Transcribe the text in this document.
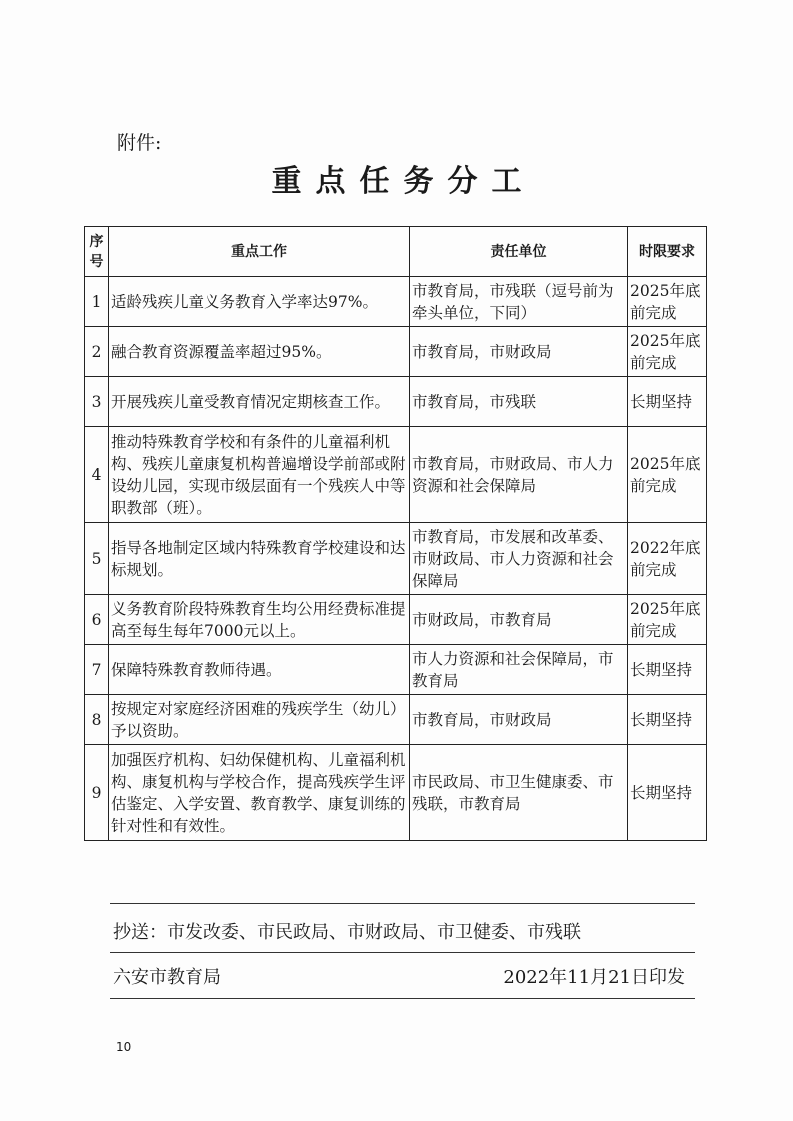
附件:
重点任务分工
序号	重点工作	责任单位	时限要求
1	适龄残疾儿童义务教育入学率达97%。	市教育局，市残联（逗号前为牵头单位，下同）	2025年底前完成
2	融合教育资源覆盖率超过95%。	市教育局，市财政局	2025年底前完成
3	开展残疾儿童受教育情况定期核查工作。	市教育局，市残联	长期坚持
4	推动特殊教育学校和有条件的儿童福利机构、残疾儿童康复机构普遍增设学前部或附设幼儿园，实现市级层面有一个残疾人中等职教部（班）。	市教育局，市财政局、市人力资源和社会保障局	2025年底前完成
5	指导各地制定区域内特殊教育学校建设和达标规划。	市教育局，市发展和改革委、市财政局、市人力资源和社会保障局	2022年底前完成
6	义务教育阶段特殊教育生均公用经费标准提高至每生每年7000元以上。	市财政局，市教育局	2025年底前完成
7	保障特殊教育教师待遇。	市人力资源和社会保障局，市教育局	长期坚持
8	按规定对家庭经济困难的残疾学生（幼儿）予以资助。	市教育局，市财政局	长期坚持
9	加强医疗机构、妇幼保健机构、儿童福利机构、康复机构与学校合作，提高残疾学生评估鉴定、入学安置、教育教学、康复训练的针对性和有效性。	市民政局、市卫生健康委、市残联，市教育局	长期坚持
抄送：市发改委、市民政局、市财政局、市卫健委、市残联
六安市教育局	2022年11月21日印发
10
